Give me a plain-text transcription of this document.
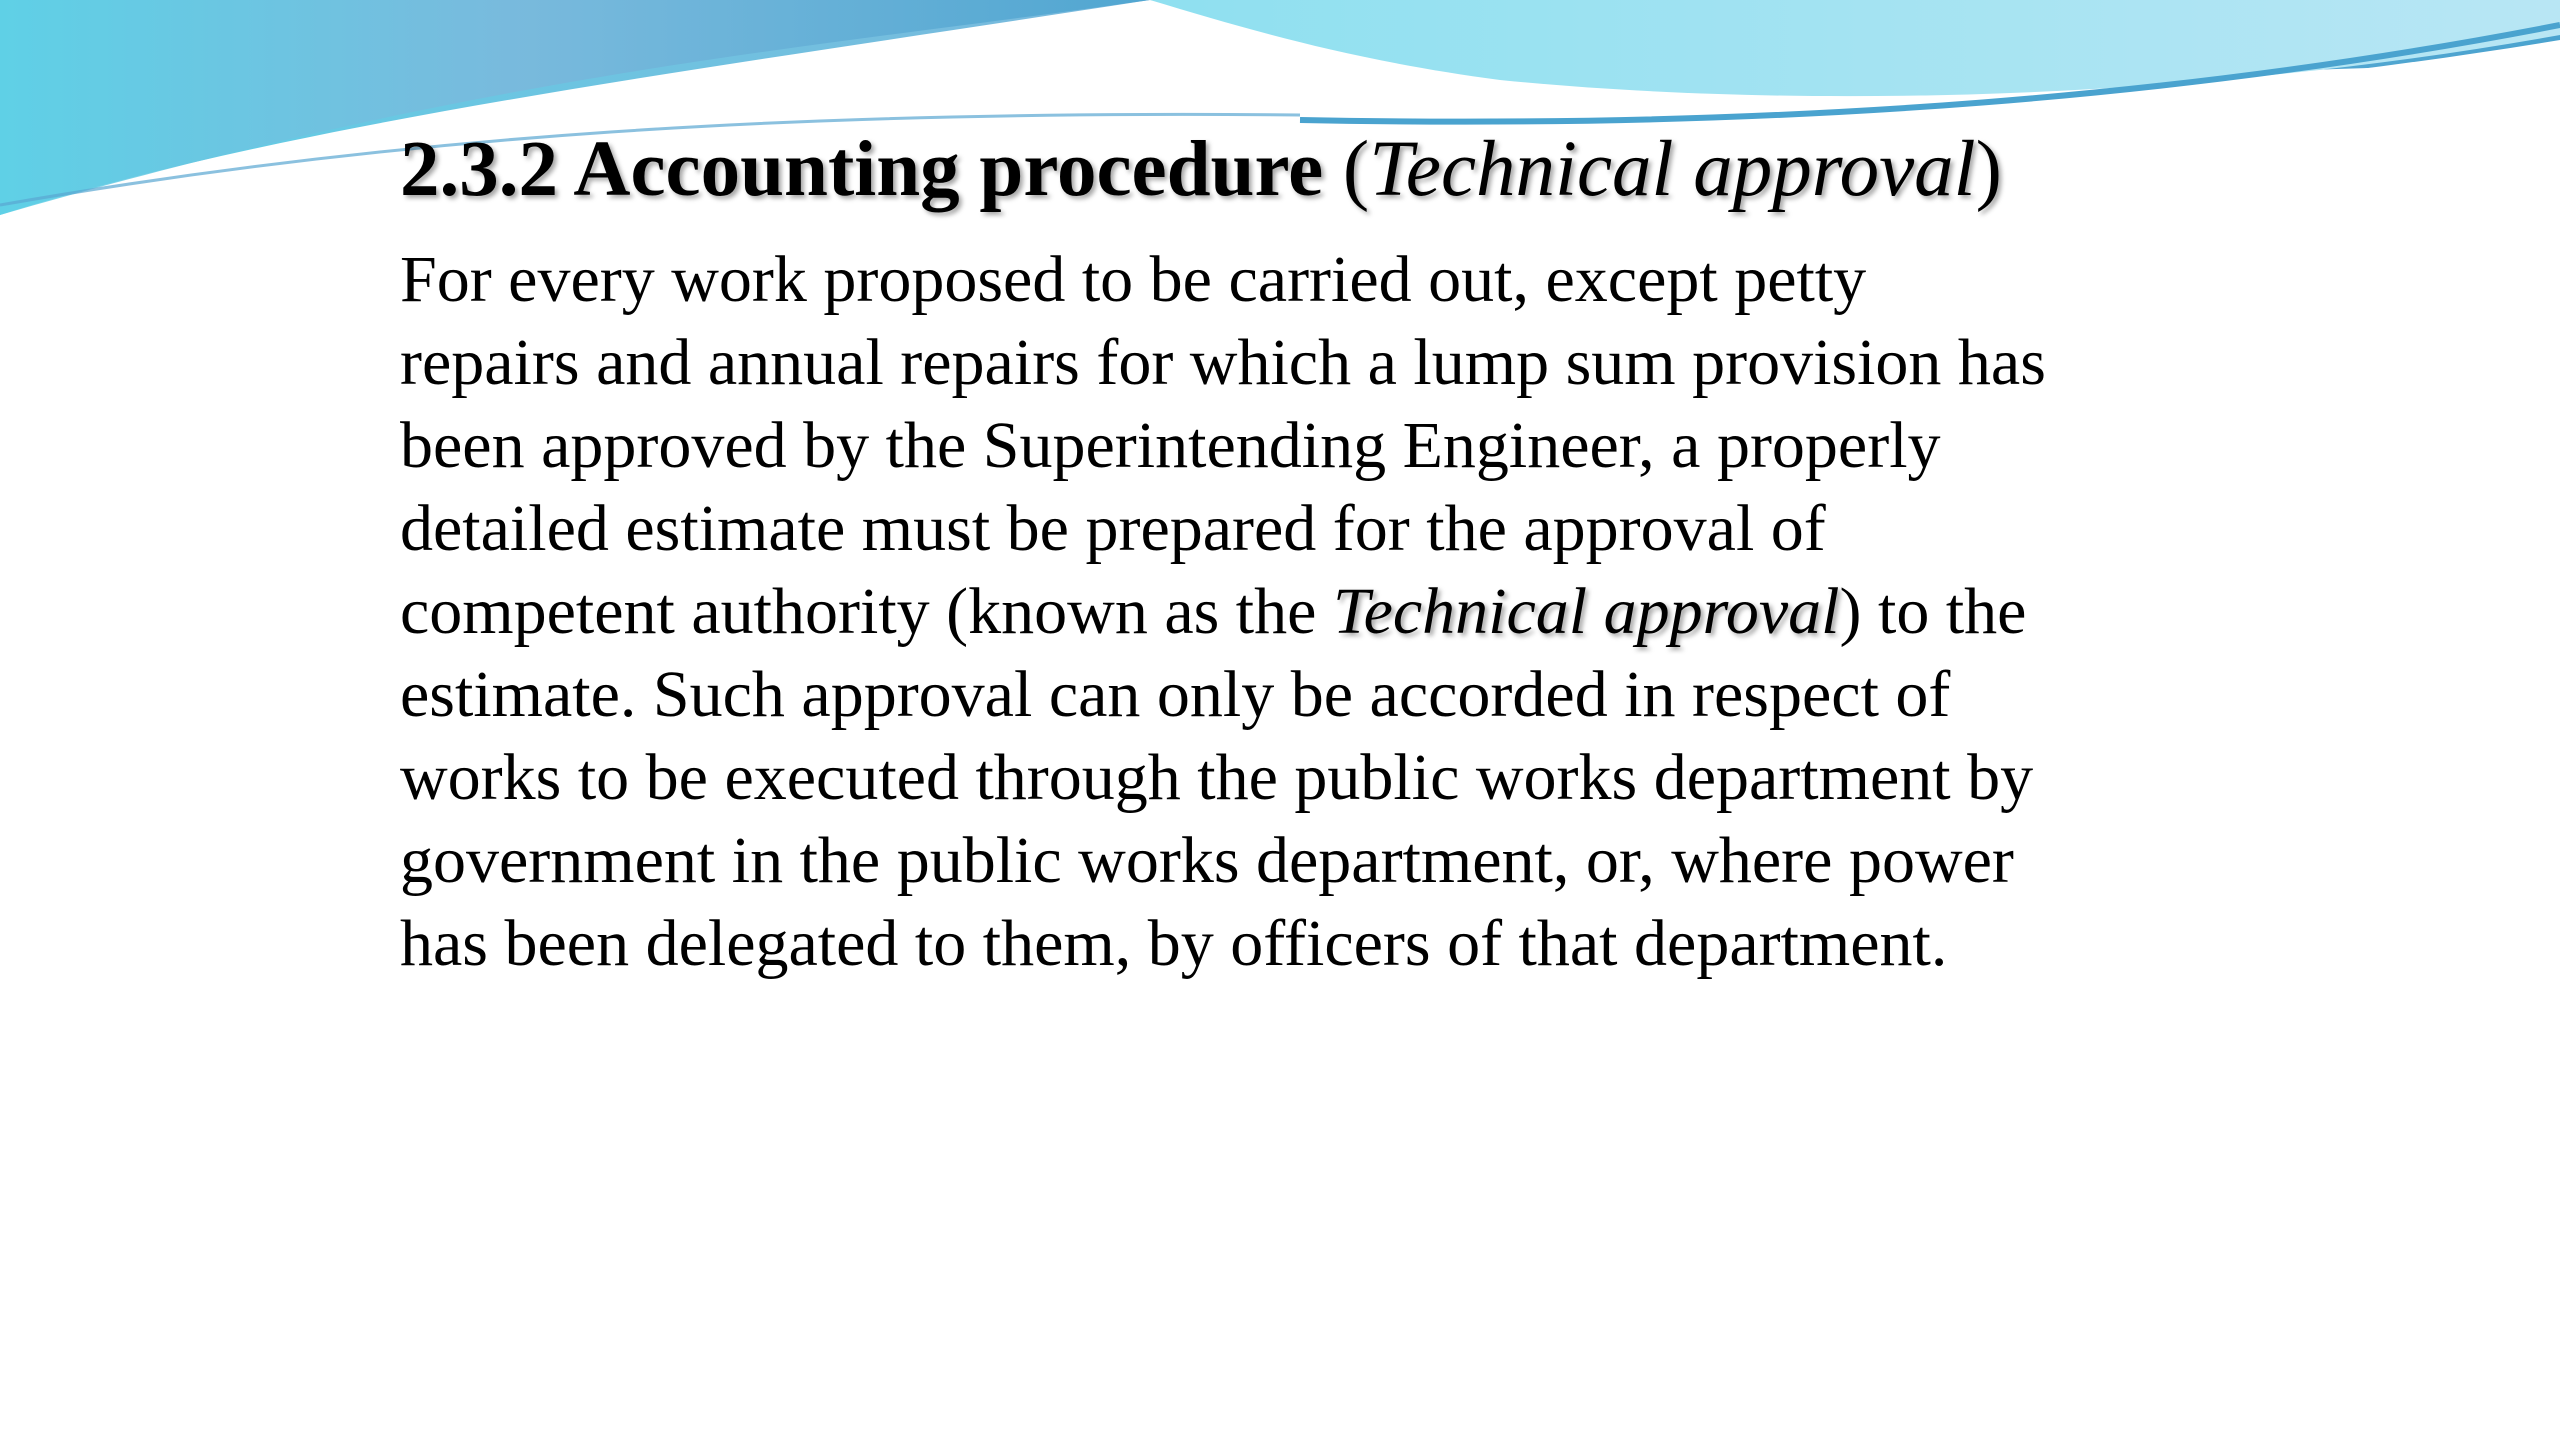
2.3.2 Accounting procedure (Technical approval)

For every work proposed to be carried out, except petty
repairs and annual repairs for which a lump sum provision has
been approved by the Superintending Engineer, a properly
detailed estimate must be prepared for the approval of
competent authority (known as the Technical approval) to the
estimate. Such approval can only be accorded in respect of
works to be executed through the public works department by
government in the public works department, or, where power
has been delegated to them, by officers of that department.
